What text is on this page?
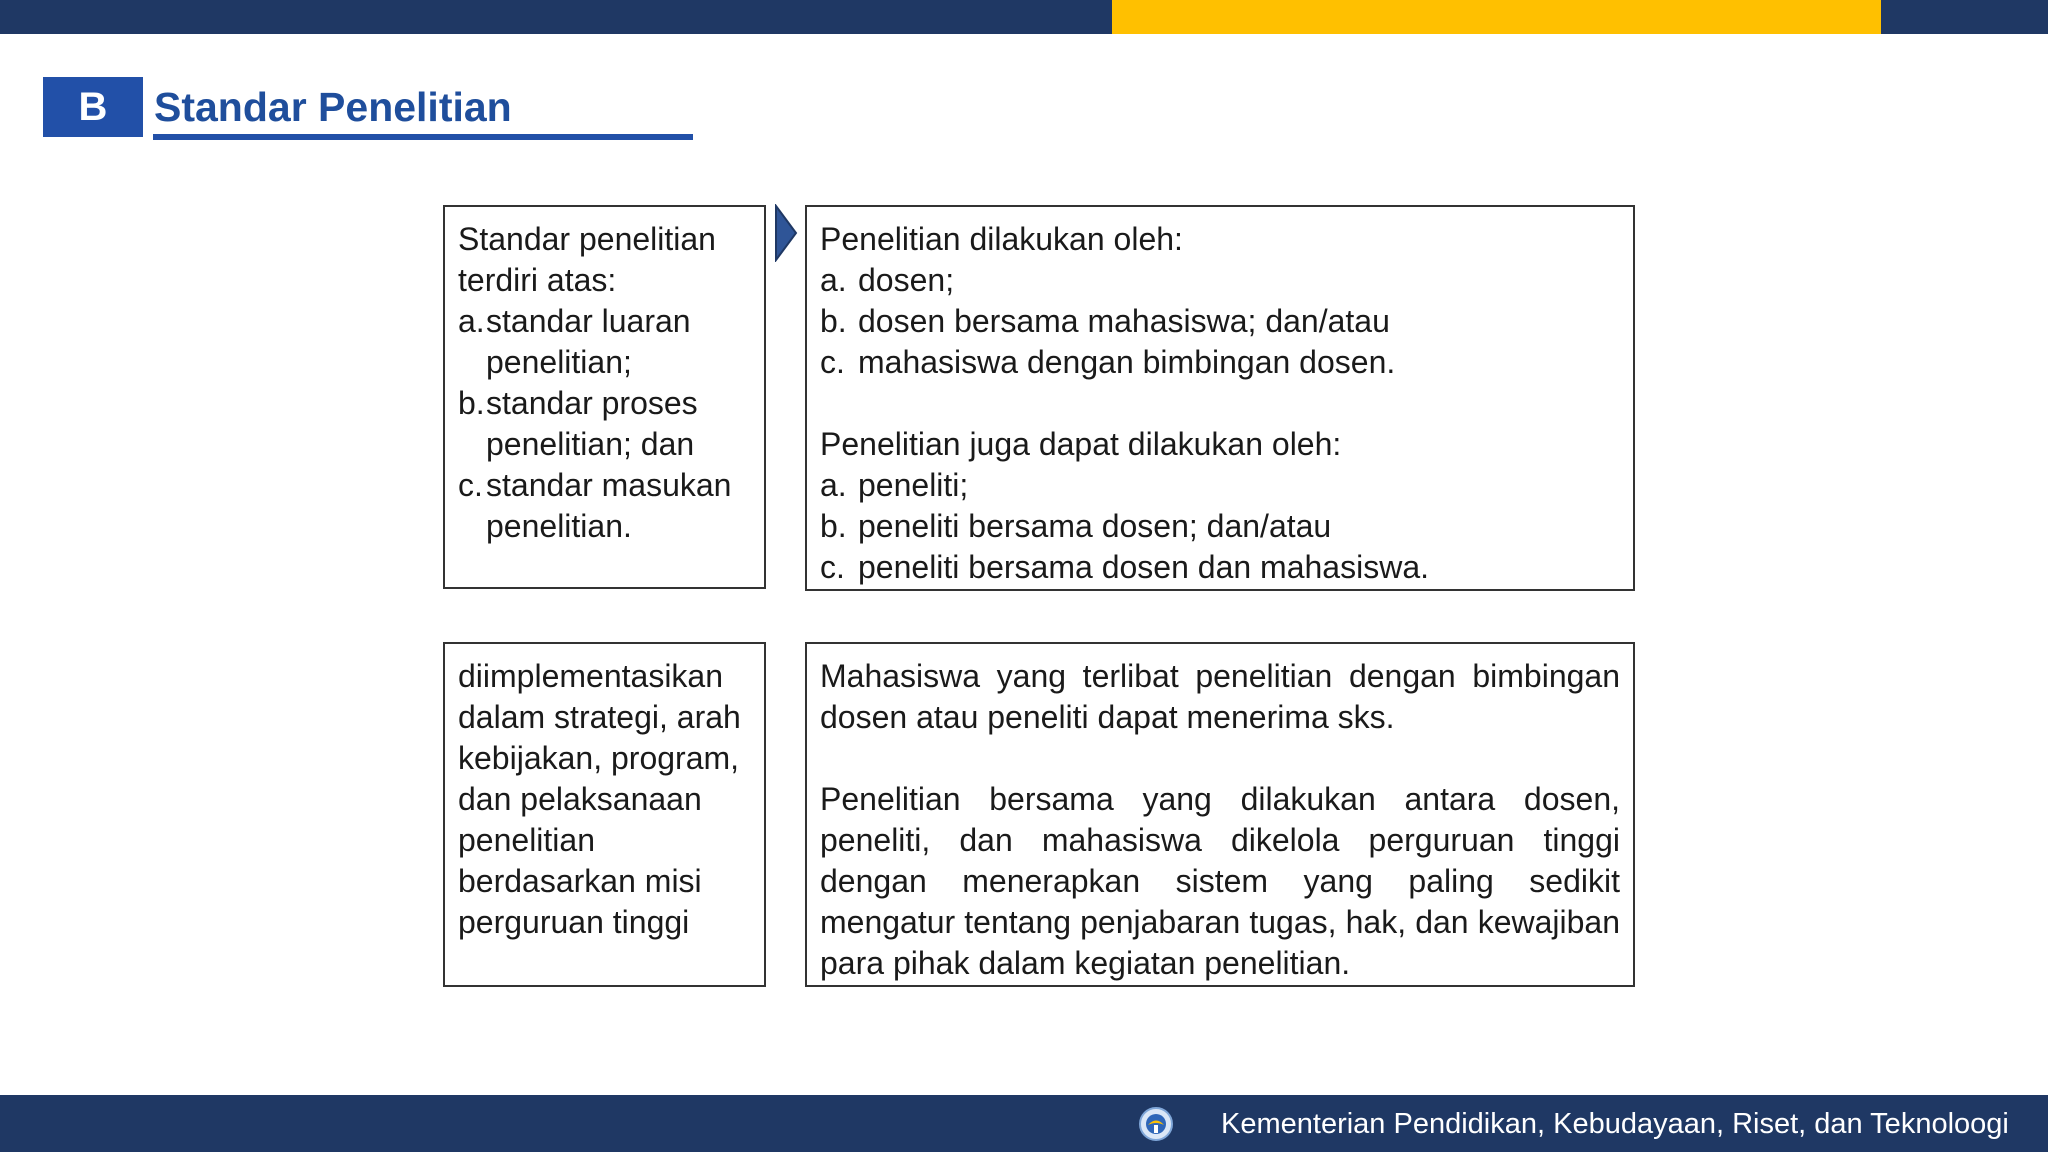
B	Standar Penelitian

Standar penelitian terdiri atas:

a. standar luaran penelitian;
b. standar proses penelitian; dan
c. standar masukan penelitian.

Penelitian dilakukan oleh:

a. dosen;
b. dosen bersama mahasiswa; dan/atau
c. mahasiswa dengan bimbingan dosen.

Penelitian juga dapat dilakukan oleh:

a. peneliti;
b. peneliti bersama dosen; dan/atau
c. peneliti bersama dosen dan mahasiswa.

diimplementasikan dalam strategi, arah kebijakan, program, dan pelaksanaan penelitian berdasarkan misi perguruan tinggi

Mahasiswa yang terlibat penelitian dengan bimbingan dosen atau peneliti dapat menerima sks.

Penelitian bersama yang dilakukan antara dosen, peneliti, dan mahasiswa dikelola perguruan tinggi dengan menerapkan sistem yang paling sedikit mengatur tentang penjabaran tugas, hak, dan kewajiban para pihak dalam kegiatan penelitian.

Kementerian Pendidikan, Kebudayaan, Riset, dan Teknoloogi
